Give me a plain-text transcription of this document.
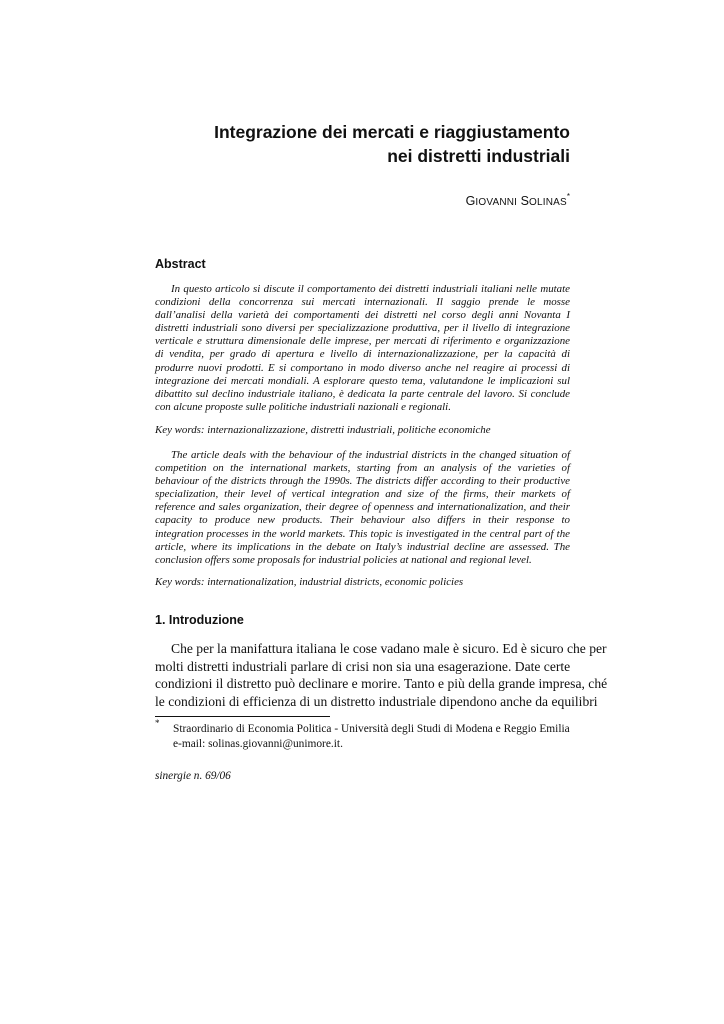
Integrazione dei mercati e riaggiustamento
nei distretti industriali
GIOVANNI SOLINAS*
Abstract

In questo articolo si discute il comportamento dei distretti industriali italiani nelle mutate
condizioni della concorrenza sui mercati internazionali. Il saggio prende le mosse
dall’analisi della varietà dei comportamenti dei distretti nel corso degli anni Novanta I
distretti industriali sono diversi per specializzazione produttiva, per il livello di integrazione
verticale e struttura dimensionale delle imprese, per mercati di riferimento e organizzazione
di vendita, per grado di apertura e livello di internazionalizzazione, per la capacità di
produrre nuovi prodotti. E si comportano in modo diverso anche nel reagire ai processi di
integrazione dei mercati mondiali. A esplorare questo tema, valutandone le implicazioni sul
dibattito sul declino industriale italiano, è dedicata la parte centrale del lavoro. Si conclude
con alcune proposte sulle politiche industriali nazionali e regionali.

Key words: internazionalizzazione, distretti industriali, politiche economiche

The article deals with the behaviour of the industrial districts in the changed situation of
competition on the international markets, starting from an analysis of the varieties of
behaviour of the districts through the 1990s. The districts differ according to their productive
specialization, their level of vertical integration and size of the firms, their markets of
reference and sales organization, their degree of openness and internationalization, and their
capacity to produce new products. Their behaviour also differs in their response to
integration processes in the world markets. This topic is investigated in the central part of the
article, where its implications in the debate on Italy’s industrial decline are assessed. The
conclusion offers some proposals for industrial policies at national and regional level.

Key words: internationalization, industrial districts, economic policies

1. Introduzione

Che per la manifattura italiana le cose vadano male è sicuro. Ed è sicuro che per
molti distretti industriali parlare di crisi non sia una esagerazione. Date certe
condizioni il distretto può declinare e morire. Tanto e più della grande impresa, ché
le condizioni di efficienza di un distretto industriale dipendono anche da equilibri

* Straordinario di Economia Politica - Università degli Studi di Modena e Reggio Emilia
e-mail: solinas.giovanni@unimore.it.

sinergie n. 69/06
